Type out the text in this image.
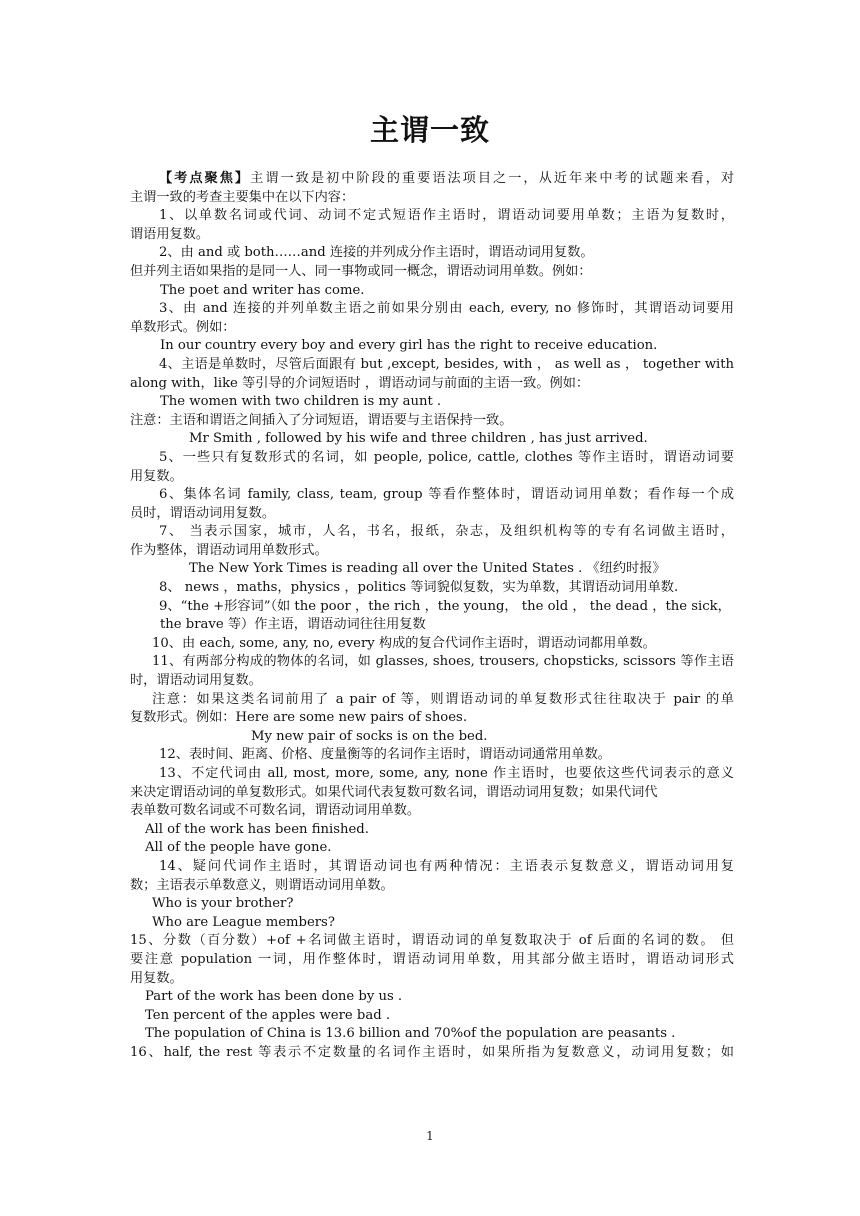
主谓一致
【考点聚焦】主谓一致是初中阶段的重要语法项目之一，从近年来中考的试题来看，对
主谓一致的考查主要集中在以下内容：
1、以单数名词或代词、动词不定式短语作主语时，谓语动词要用单数；主语为复数时，
谓语用复数。
2、由 and 或 both……and 连接的并列成分作主语时，谓语动词用复数。
但并列主语如果指的是同一人、同一事物或同一概念，谓语动词用单数。例如：
The poet and writer has come.
3、由 and 连接的并列单数主语之前如果分别由 each, every, no 修饰时，其谓语动词要用
单数形式。例如：
In our country every boy and every girl has the right to receive education.
4、主语是单数时，尽管后面跟有 but ,except, besides, with ， as well as ， together with
along with，like 等引导的介词短语时 ，谓语动词与前面的主语一致。例如：
The women with two children is my aunt .
注意：主语和谓语之间插入了分词短语，谓语要与主语保持一致。
Mr Smith , followed by his wife and three children , has just arrived.
5、一些只有复数形式的名词，如 people, police, cattle, clothes 等作主语时，谓语动词要
用复数。
6、集体名词 family, class, team, group 等看作整体时，谓语动词用单数；看作每一个成
员时，谓语动词用复数。
7、 当表示国家，城市，人名，书名，报纸，杂志，及组织机构等的专有名词做主语时，
作为整体，谓语动词用单数形式。
The New York Times is reading all over the United States . 《纽约时报》
8、 news ，maths，physics ，politics 等词貌似复数，实为单数，其谓语动词用单数.
9、“the +形容词”（如 the poor ，the rich ，the young， the old ， the dead ，the sick，
the brave 等）作主语，谓语动词往往用复数
10、由 each, some, any, no, every 构成的复合代词作主语时，谓语动词都用单数。
11、有两部分构成的物体的名词，如 glasses, shoes, trousers, chopsticks, scissors 等作主语
时，谓语动词用复数。
注意：如果这类名词前用了 a pair of 等，则谓语动词的单复数形式往往取决于 pair 的单
复数形式。例如：Here are some new pairs of shoes.
My new pair of socks is on the bed.
12、表时间、距离、价格、度量衡等的名词作主语时，谓语动词通常用单数。
13、不定代词由 all, most, more, some, any, none 作主语时，也要依这些代词表示的意义
来决定谓语动词的单复数形式。如果代词代表复数可数名词，谓语动词用复数；如果代词代
表单数可数名词或不可数名词，谓语动词用单数。
All of the work has been finished.
All of the people have gone.
14、疑问代词作主语时，其谓语动词也有两种情况：主语表示复数意义，谓语动词用复
数；主语表示单数意义，则谓语动词用单数。
Who is your brother?
Who are League members?
15、分数（百分数）+of +名词做主语时，谓语动词的单复数取决于 of 后面的名词的数。 但
要注意 population 一词，用作整体时，谓语动词用单数，用其部分做主语时，谓语动词形式
用复数。
Part of the work has been done by us .
Ten percent of the apples were bad .
The population of China is 13.6 billion and 70%of the population are peasants .
16、half, the rest 等表示不定数量的名词作主语时，如果所指为复数意义，动词用复数；如
1
